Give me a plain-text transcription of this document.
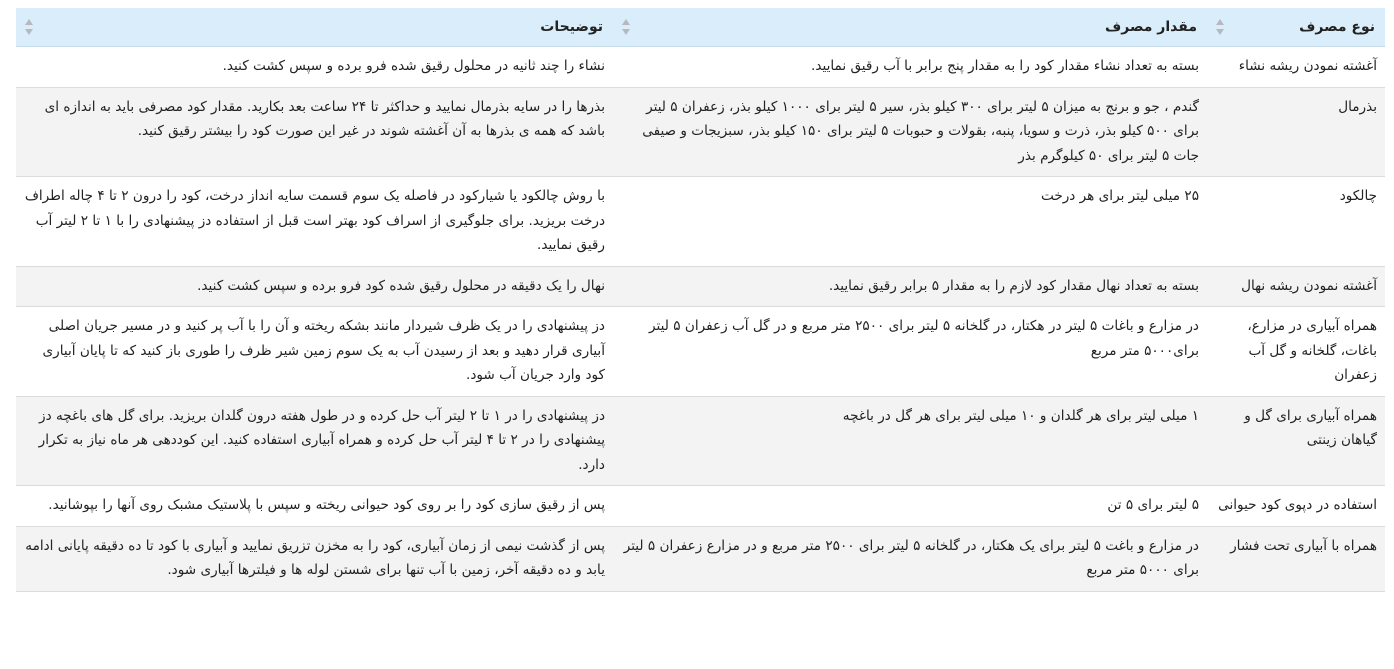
نوع مصرف	مقدار مصرف	توضیحات

آغشته نمودن ریشه نشاء	بسته به تعداد نشاء مقدار کود را به مقدار پنج برابر با آب رقیق نمایید.	نشاء را چند ثانیه در محلول رقیق شده فرو برده و سپس کشت کنید.
بذرمال	گندم ، جو و برنج به میزان ۵ لیتر برای ۳۰۰ کیلو بذر، سیر ۵ لیتر برای ۱۰۰۰ کیلو بذر، زعفران ۵ لیتر برای ۵۰۰ کیلو بذر، ذرت و سویا، پنبه، بقولات و حبوبات ۵ لیتر برای ۱۵۰ کیلو بذر، سبزیجات و صیفی جات ۵ لیتر برای ۵۰ کیلوگرم بذر	بذرها را در سایه بذرمال نمایید و حداکثر تا ۲۴ ساعت بعد بکارید. مقدار کود مصرفی باید به اندازه ای باشد که همه ی بذرها به آن آغشته شوند در غیر این صورت کود را بیشتر رقیق کنید.
چالکود	۲۵ میلی لیتر برای هر درخت	با روش چالکود یا شیارکود در فاصله یک سوم قسمت سایه انداز درخت، کود را درون ۲ تا ۴ چاله اطراف درخت بریزید. برای جلوگیری از اسراف کود بهتر است قبل از استفاده دز پیشنهادی را با ۱ تا ۲ لیتر آب رقیق نمایید.
آغشته نمودن ریشه نهال	بسته به تعداد نهال مقدار کود لازم را به مقدار ۵ برابر رقیق نمایید.	نهال را یک دقیقه در محلول رقیق شده کود فرو برده و سپس کشت کنید.
همراه آبیاری در مزارع، باغات، گلخانه و گل آب زعفران	در مزارع و باغات ۵ لیتر در هکتار، در گلخانه ۵ لیتر برای ۲۵۰۰ متر مربع و در گل آب زعفران ۵ لیتر برای۵۰۰۰ متر مربع	دز پیشنهادی را در یک ظرف شیردار مانند بشکه ریخته و آن را با آب پر کنید و در مسیر جریان اصلی آبیاری قرار دهید و بعد از رسیدن آب به یک سوم زمین شیر ظرف را طوری باز کنید که تا پایان آبیاری کود وارد جریان آب شود.
همراه آبیاری برای گل و گیاهان زینتی	۱ میلی لیتر برای هر گلدان و ۱۰ میلی لیتر برای هر گل در باغچه	دز پیشنهادی را در ۱ تا ۲ لیتر آب حل کرده و در طول هفته درون گلدان بریزید. برای گل های باغچه دز پیشنهادی را در ۲ تا ۴ لیتر آب حل کرده و همراه آبیاری استفاده کنید. این کوددهی هر ماه نیاز به تکرار دارد.
استفاده در دپوی کود حیوانی	۵ لیتر برای ۵ تن	پس از رقیق سازی کود را بر روی کود حیوانی ریخته و سپس با پلاستیک مشبک روی آنها را بپوشانید.
همراه با آبیاری تحت فشار	در مزارع و باغت ۵ لیتر برای یک هکتار، در گلخانه ۵ لیتر برای ۲۵۰۰ متر مربع و در مزارع زعفران ۵ لیتر برای ۵۰۰۰ متر مربع	پس از گذشت نیمی از زمان آبیاری، کود را به مخزن تزریق نمایید و آبیاری با کود تا ده دقیقه پایانی ادامه یابد و ده دقیقه آخر، زمین با آب تنها برای شستن لوله ها و فیلترها آبیاری شود.
